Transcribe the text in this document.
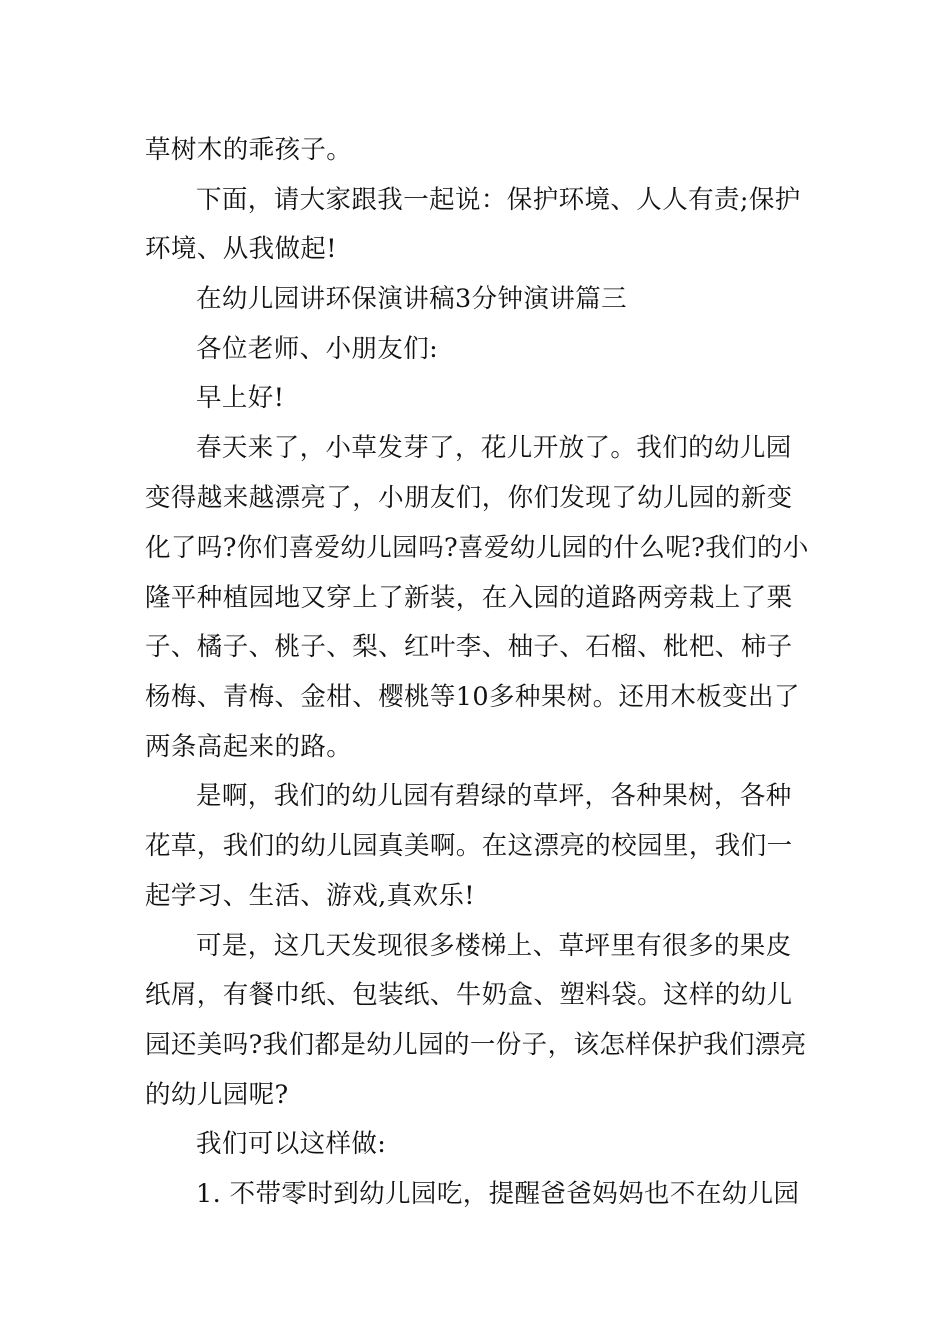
草树木的乖孩子。
下面，请大家跟我一起说：保护环境、人人有责;保护
环境、从我做起!
在幼儿园讲环保演讲稿3分钟演讲篇三
各位老师、小朋友们:
早上好!
春天来了，小草发芽了，花儿开放了。我们的幼儿园
变得越来越漂亮了，小朋友们，你们发现了幼儿园的新变
化了吗?你们喜爱幼儿园吗?喜爱幼儿园的什么呢?我们的小
隆平种植园地又穿上了新装，在入园的道路两旁栽上了栗
子、橘子、桃子、梨、红叶李、柚子、石榴、枇杷、柿子
杨梅、青梅、金柑、樱桃等10多种果树。还用木板变出了
两条高起来的路。
是啊，我们的幼儿园有碧绿的草坪，各种果树，各种
花草，我们的幼儿园真美啊。在这漂亮的校园里，我们一
起学习、生活、游戏,真欢乐!
可是，这几天发现很多楼梯上、草坪里有很多的果皮
纸屑，有餐巾纸、包装纸、牛奶盒、塑料袋。这样的幼儿
园还美吗?我们都是幼儿园的一份子，该怎样保护我们漂亮
的幼儿园呢?
我们可以这样做:
1. 不带零时到幼儿园吃，提醒爸爸妈妈也不在幼儿园
